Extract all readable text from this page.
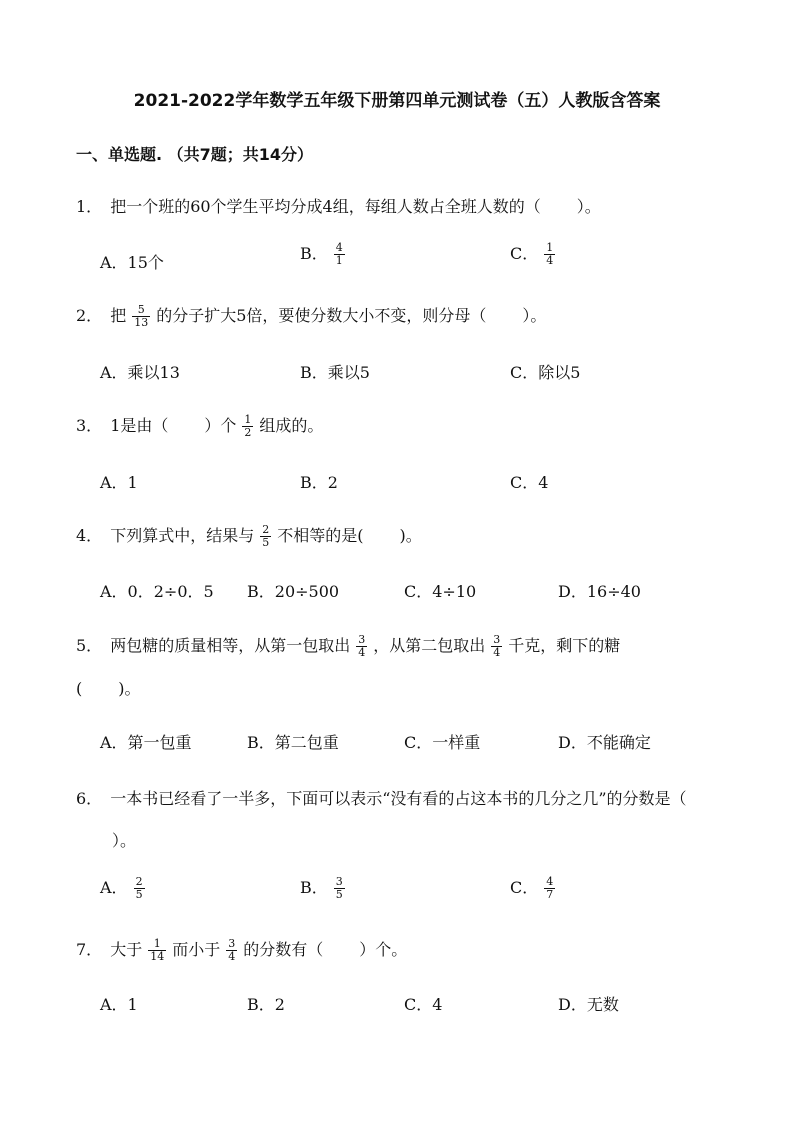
2021-2022学年数学五年级下册第四单元测试卷（五）人教版含答案
一、单选题. （共7题；共14分）
1． 把一个班的60个学生平均分成4组，每组人数占全班人数的（ ）。
A．15个	B． $\frac{4}{1}$	C． $\frac{1}{4}$
2． 把 $\frac{5}{13}$ 的分子扩大5倍，要使分数大小不变，则分母（ ）。
A．乘以13	B．乘以5	C．除以5
3． 1是由（ ）个 $\frac{1}{2}$ 组成的。
A．1	B．2	C．4
4． 下列算式中，结果与 $\frac{2}{5}$ 不相等的是( )。
A．0．2÷0．5 B．20÷500	C．4÷10	D．16÷40
5． 两包糖的质量相等，从第一包取出 $\frac{3}{4}$ ，从第二包取出 $\frac{3}{4}$ 千克，剩下的糖
( )。
A．第一包重	B．第二包重	C．一样重	D．不能确定
6． 一本书已经看了一半多，下面可以表示“没有看的占这本书的几分之几”的分数是（）。
A． $\frac{2}{5}$	B． $\frac{3}{5}$	C． $\frac{4}{7}$
7． 大于 $\frac{1}{14}$ 而小于 $\frac{3}{4}$ 的分数有（ ）个。
A．1	B．2	C．4	D．无数
